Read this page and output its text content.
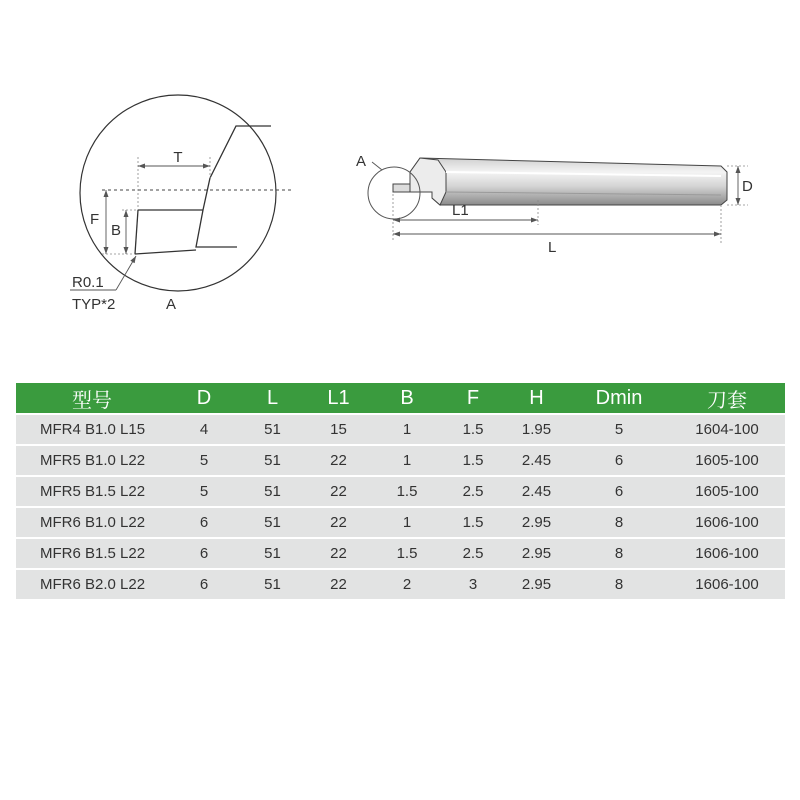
T
F
B
R0.1
TYP*2	A
A
D
L1
L
型号	D	L	L1	B	F	H	Dmin	刀套
MFR4 B1.0 L15	4	51	15	1	1.5	1.95	5	1604-100
MFR5 B1.0 L22	5	51	22	1	1.5	2.45	6	1605-100
MFR5 B1.5 L22	5	51	22	1.5	2.5	2.45	6	1605-100
MFR6 B1.0 L22	6	51	22	1	1.5	2.95	8	1606-100
MFR6 B1.5 L22	6	51	22	1.5	2.5	2.95	8	1606-100
MFR6 B2.0 L22	6	51	22	2	3	2.95	8	1606-100
